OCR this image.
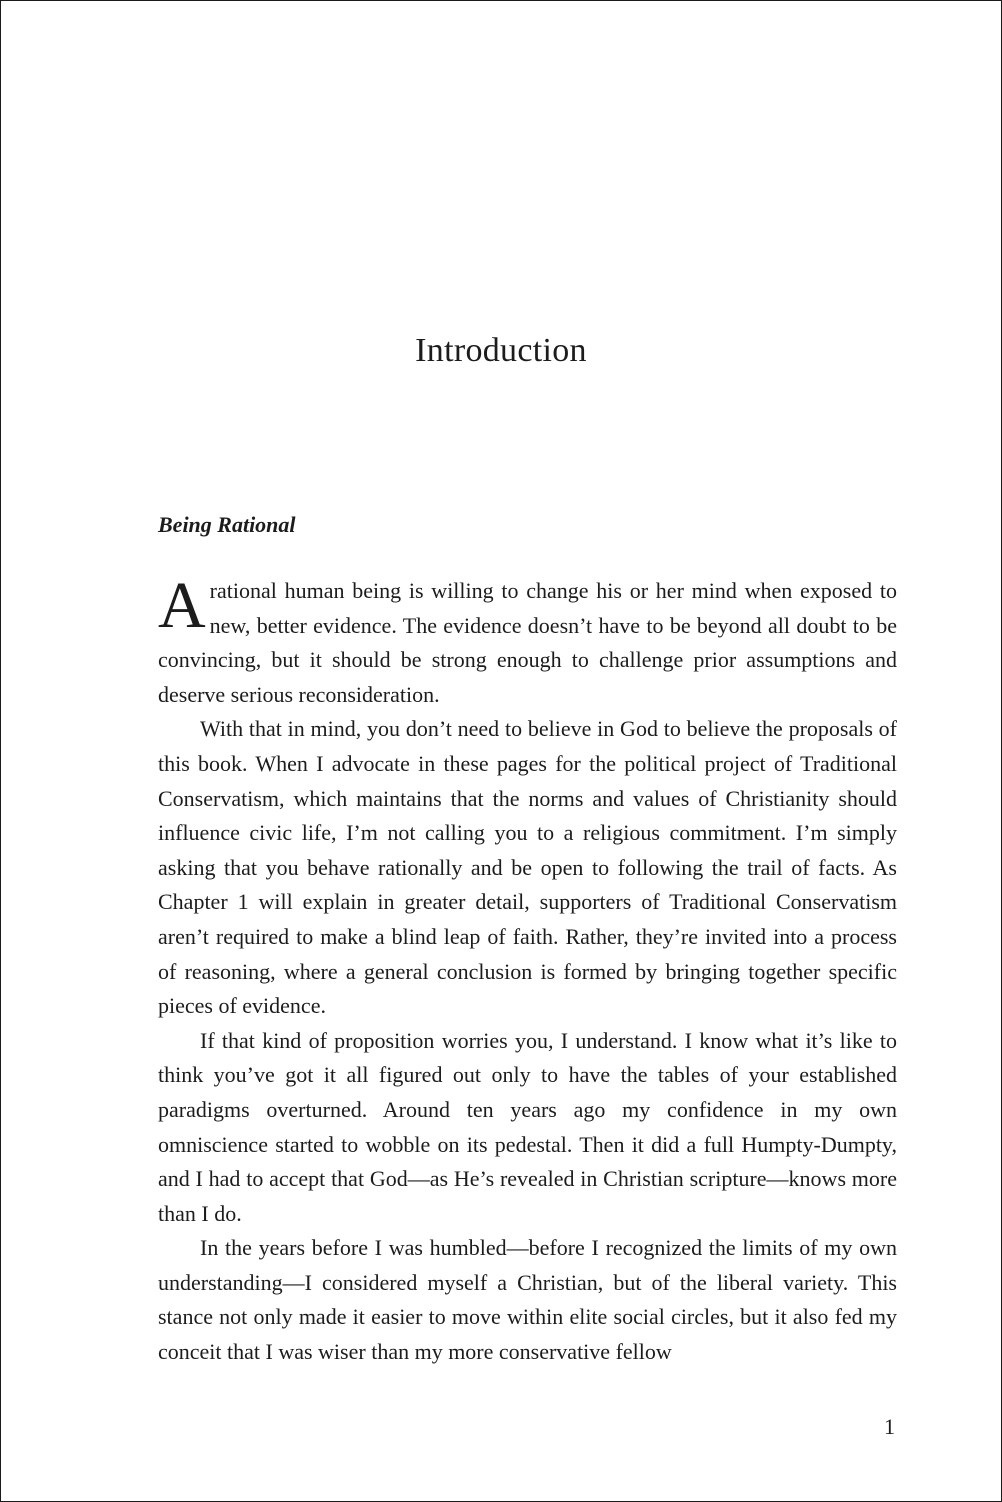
Introduction
Being Rational

A rational human being is willing to change his or her mind when exposed to new, better evidence. The evidence doesn’t have to be beyond all doubt to be convincing, but it should be strong enough to challenge prior assumptions and deserve serious reconsideration.

With that in mind, you don’t need to believe in God to believe the proposals of this book. When I advocate in these pages for the political project of Traditional Conservatism, which maintains that the norms and values of Christianity should influence civic life, I’m not calling you to a religious commitment. I’m simply asking that you behave rationally and be open to following the trail of facts. As Chapter 1 will explain in greater detail, supporters of Traditional Conservatism aren’t required to make a blind leap of faith. Rather, they’re invited into a process of reasoning, where a general conclusion is formed by bringing together specific pieces of evidence.

If that kind of proposition worries you, I understand. I know what it’s like to think you’ve got it all figured out only to have the tables of your established paradigms overturned. Around ten years ago my confidence in my own omniscience started to wobble on its pedestal. Then it did a full Humpty-Dumpty, and I had to accept that God—as He’s revealed in Christian scripture—knows more than I do.

In the years before I was humbled—before I recognized the limits of my own understanding—I considered myself a Christian, but of the liberal variety. This stance not only made it easier to move within elite social circles, but it also fed my conceit that I was wiser than my more conservative fellow

1
